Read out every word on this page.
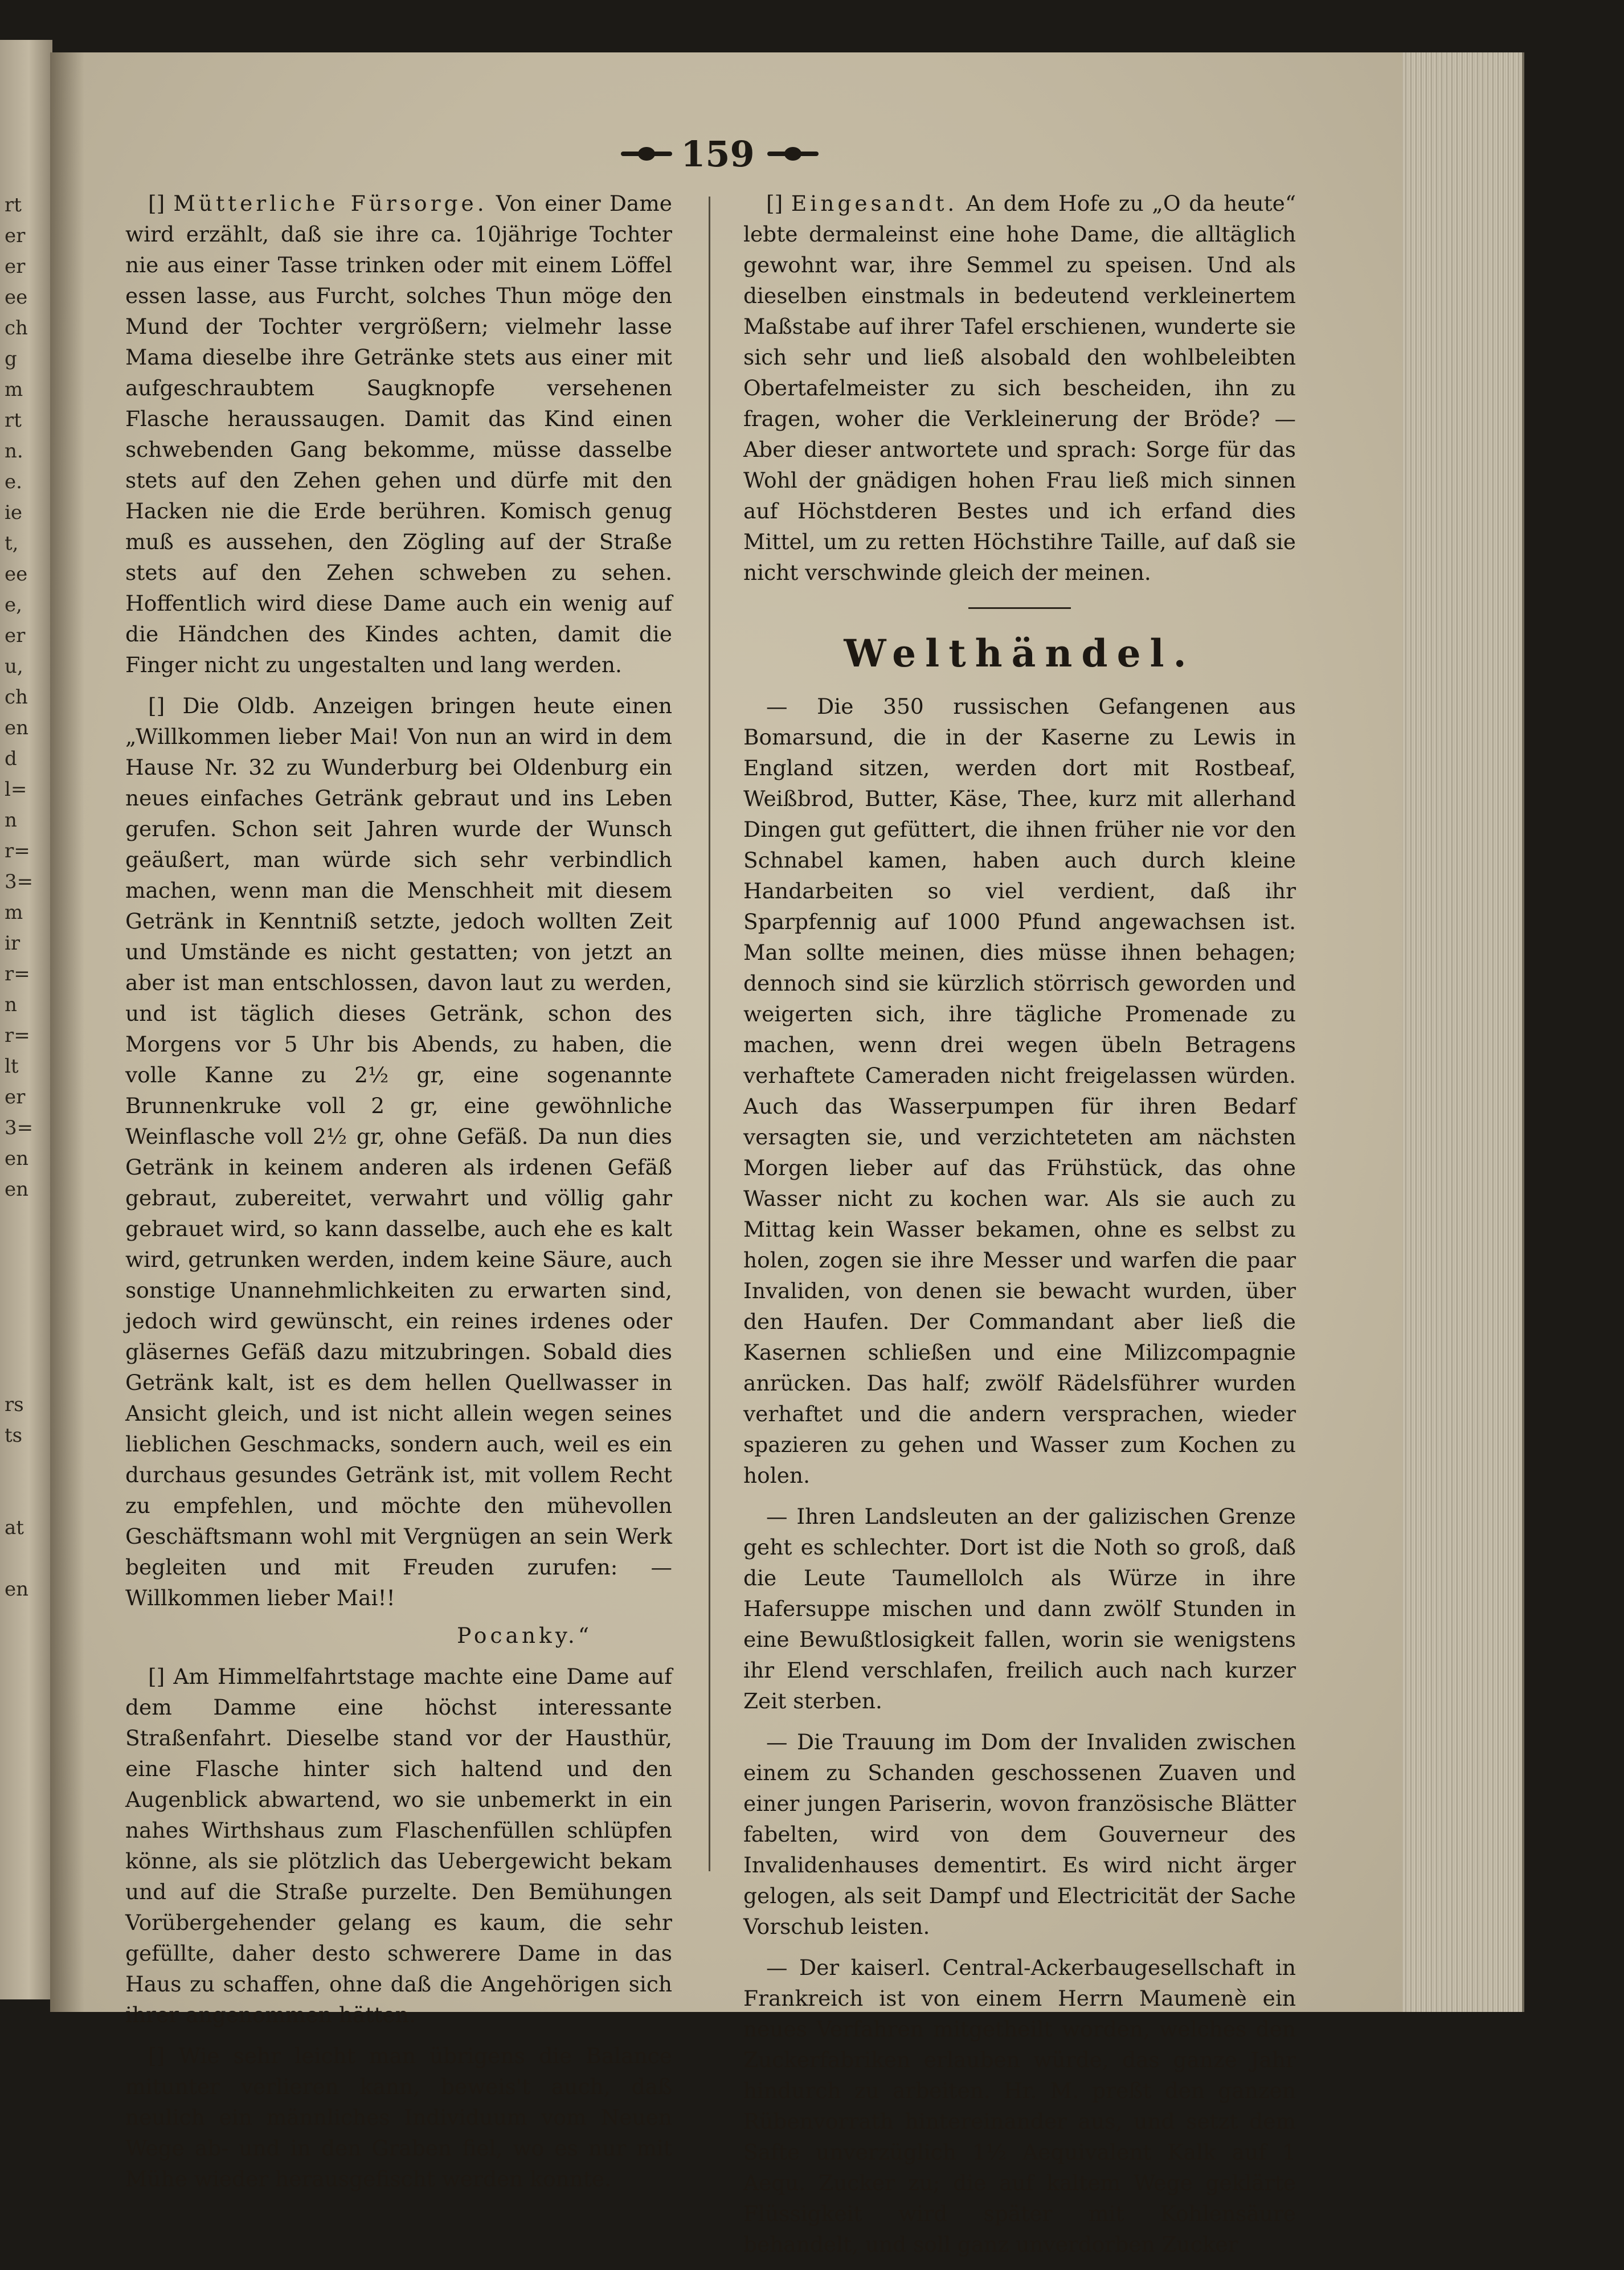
rt
er
er
ee
ch
g
m
rt
n.
e.
ie
t,
ee
e,
er
u,
ch
en
d
l=
n
r=
3=
m
ir
r=
n
r=
lt
er
3=
en
en
rs
ts
at
en
159

[] Mütterliche Fürsorge. Von einer Dame wird erzählt, daß sie ihre ca. 10jährige Tochter nie aus einer Tasse trinken oder mit einem Löffel essen lasse, aus Furcht, solches Thun möge den Mund der Tochter vergrößern; vielmehr lasse Mama dieselbe ihre Getränke stets aus einer mit aufgeschraubtem Saugknopfe versehenen Flasche heraussaugen. Damit das Kind einen schwebenden Gang bekomme, müsse dasselbe stets auf den Zehen gehen und dürfe mit den Hacken nie die Erde berühren. Komisch genug muß es aussehen, den Zögling auf der Straße stets auf den Zehen schweben zu sehen. Hoffentlich wird diese Dame auch ein wenig auf die Händchen des Kindes achten, damit die Finger nicht zu ungestalten und lang werden.

[] Die Oldb. Anzeigen bringen heute einen „Willkommen lieber Mai! Von nun an wird in dem Hause Nr. 32 zu Wunderburg bei Oldenburg ein neues einfaches Getränk gebraut und ins Leben gerufen. Schon seit Jahren wurde der Wunsch geäußert, man würde sich sehr verbindlich machen, wenn man die Menschheit mit diesem Getränk in Kenntniß setzte, jedoch wollten Zeit und Umstände es nicht gestatten; von jetzt an aber ist man entschlossen, davon laut zu werden, und ist täglich dieses Getränk, schon des Morgens vor 5 Uhr bis Abends, zu haben, die volle Kanne zu 2½ gr, eine sogenannte Brunnenkruke voll 2 gr, eine gewöhnliche Weinflasche voll 2½ gr, ohne Gefäß. Da nun dies Getränk in keinem anderen als irdenen Gefäß gebraut, zubereitet, verwahrt und völlig gahr gebrauet wird, so kann dasselbe, auch ehe es kalt wird, getrunken werden, indem keine Säure, auch sonstige Unannehmlichkeiten zu erwarten sind, jedoch wird gewünscht, ein reines irdenes oder gläsernes Gefäß dazu mitzubringen. Sobald dies Getränk kalt, ist es dem hellen Quellwasser in Ansicht gleich, und ist nicht allein wegen seines lieblichen Geschmacks, sondern auch, weil es ein durchaus gesundes Getränk ist, mit vollem Recht zu empfehlen, und möchte den mühevollen Geschäftsmann wohl mit Vergnügen an sein Werk begleiten und mit Freuden zurufen: — Willkommen lieber Mai!!

Pocanky.“

[] Am Himmelfahrtstage machte eine Dame auf dem Damme eine höchst interessante Straßenfahrt. Dieselbe stand vor der Hausthür, eine Flasche hinter sich haltend und den Augenblick abwartend, wo sie unbemerkt in ein nahes Wirthshaus zum Flaschenfüllen schlüpfen könne, als sie plötzlich das Uebergewicht bekam und auf die Straße purzelte. Den Bemühungen Vorübergehender gelang es kaum, die sehr gefüllte, daher desto schwerere Dame in das Haus zu schaffen, ohne daß die Angehörigen sich ihrer angenommen hätten.

[] Wie sehr leicht man übrigens die Balance mitunter verlieren kann, beweis't auch, daß neulich ein männliches Individuum vom Neuen Wege ab- und in den Graben fiel, wo es nur mit Mühe wieder herausgefischt werden konnte.

[] Eingesandt. An dem Hofe zu „O da heute“ lebte dermaleinst eine hohe Dame, die alltäglich gewohnt war, ihre Semmel zu speisen. Und als dieselben einstmals in bedeutend verkleinertem Maßstabe auf ihrer Tafel erschienen, wunderte sie sich sehr und ließ alsobald den wohlbeleibten Obertafelmeister zu sich bescheiden, ihn zu fragen, woher die Verkleinerung der Bröde? — Aber dieser antwortete und sprach: Sorge für das Wohl der gnädigen hohen Frau ließ mich sinnen auf Höchstderen Bestes und ich erfand dies Mittel, um zu retten Höchstihre Taille, auf daß sie nicht verschwinde gleich der meinen.

Welthändel.

— Die 350 russischen Gefangenen aus Bomarsund, die in der Kaserne zu Lewis in England sitzen, werden dort mit Rostbeaf, Weißbrod, Butter, Käse, Thee, kurz mit allerhand Dingen gut gefüttert, die ihnen früher nie vor den Schnabel kamen, haben auch durch kleine Handarbeiten so viel verdient, daß ihr Sparpfennig auf 1000 Pfund angewachsen ist. Man sollte meinen, dies müsse ihnen behagen; dennoch sind sie kürzlich störrisch geworden und weigerten sich, ihre tägliche Promenade zu machen, wenn drei wegen übeln Betragens verhaftete Cameraden nicht freigelassen würden. Auch das Wasserpumpen für ihren Bedarf versagten sie, und verzichteteten am nächsten Morgen lieber auf das Frühstück, das ohne Wasser nicht zu kochen war. Als sie auch zu Mittag kein Wasser bekamen, ohne es selbst zu holen, zogen sie ihre Messer und warfen die paar Invaliden, von denen sie bewacht wurden, über den Haufen. Der Commandant aber ließ die Kasernen schließen und eine Milizcompagnie anrücken. Das half; zwölf Rädelsführer wurden verhaftet und die andern versprachen, wieder spazieren zu gehen und Wasser zum Kochen zu holen.

— Ihren Landsleuten an der galizischen Grenze geht es schlechter. Dort ist die Noth so groß, daß die Leute Taumellolch als Würze in ihre Hafersuppe mischen und dann zwölf Stunden in eine Bewußtlosigkeit fallen, worin sie wenigstens ihr Elend verschlafen, freilich auch nach kurzer Zeit sterben.

— Die Trauung im Dom der Invaliden zwischen einem zu Schanden geschossenen Zuaven und einer jungen Pariserin, wovon französische Blätter fabelten, wird von dem Gouverneur des Invalidenhauses dementirt. Es wird nicht ärger gelogen, als seit Dampf und Electricität der Sache Vorschub leisten.

— Der kaiserl. Central-Ackerbaugesellschaft in Frankreich ist von einem Herrn Maumenè ein neues Verfahren mitgetheilt worden, welches den Zuckerfabriken erlauben würde, das ganze Jahr hindurch zu arbeiten. Hr. M. preßt den ganzen Rübenvorrath hintereinander aus, und setzt dem Safte unverzüglich 1½ Aequivalent Kalk auf 1 Aequ. Zucker zu; die auf kaltem Wege geklärte Flüssigkeit wird später mit Kohlensäure behandelt, und soll ganz unverdorben Zucker
